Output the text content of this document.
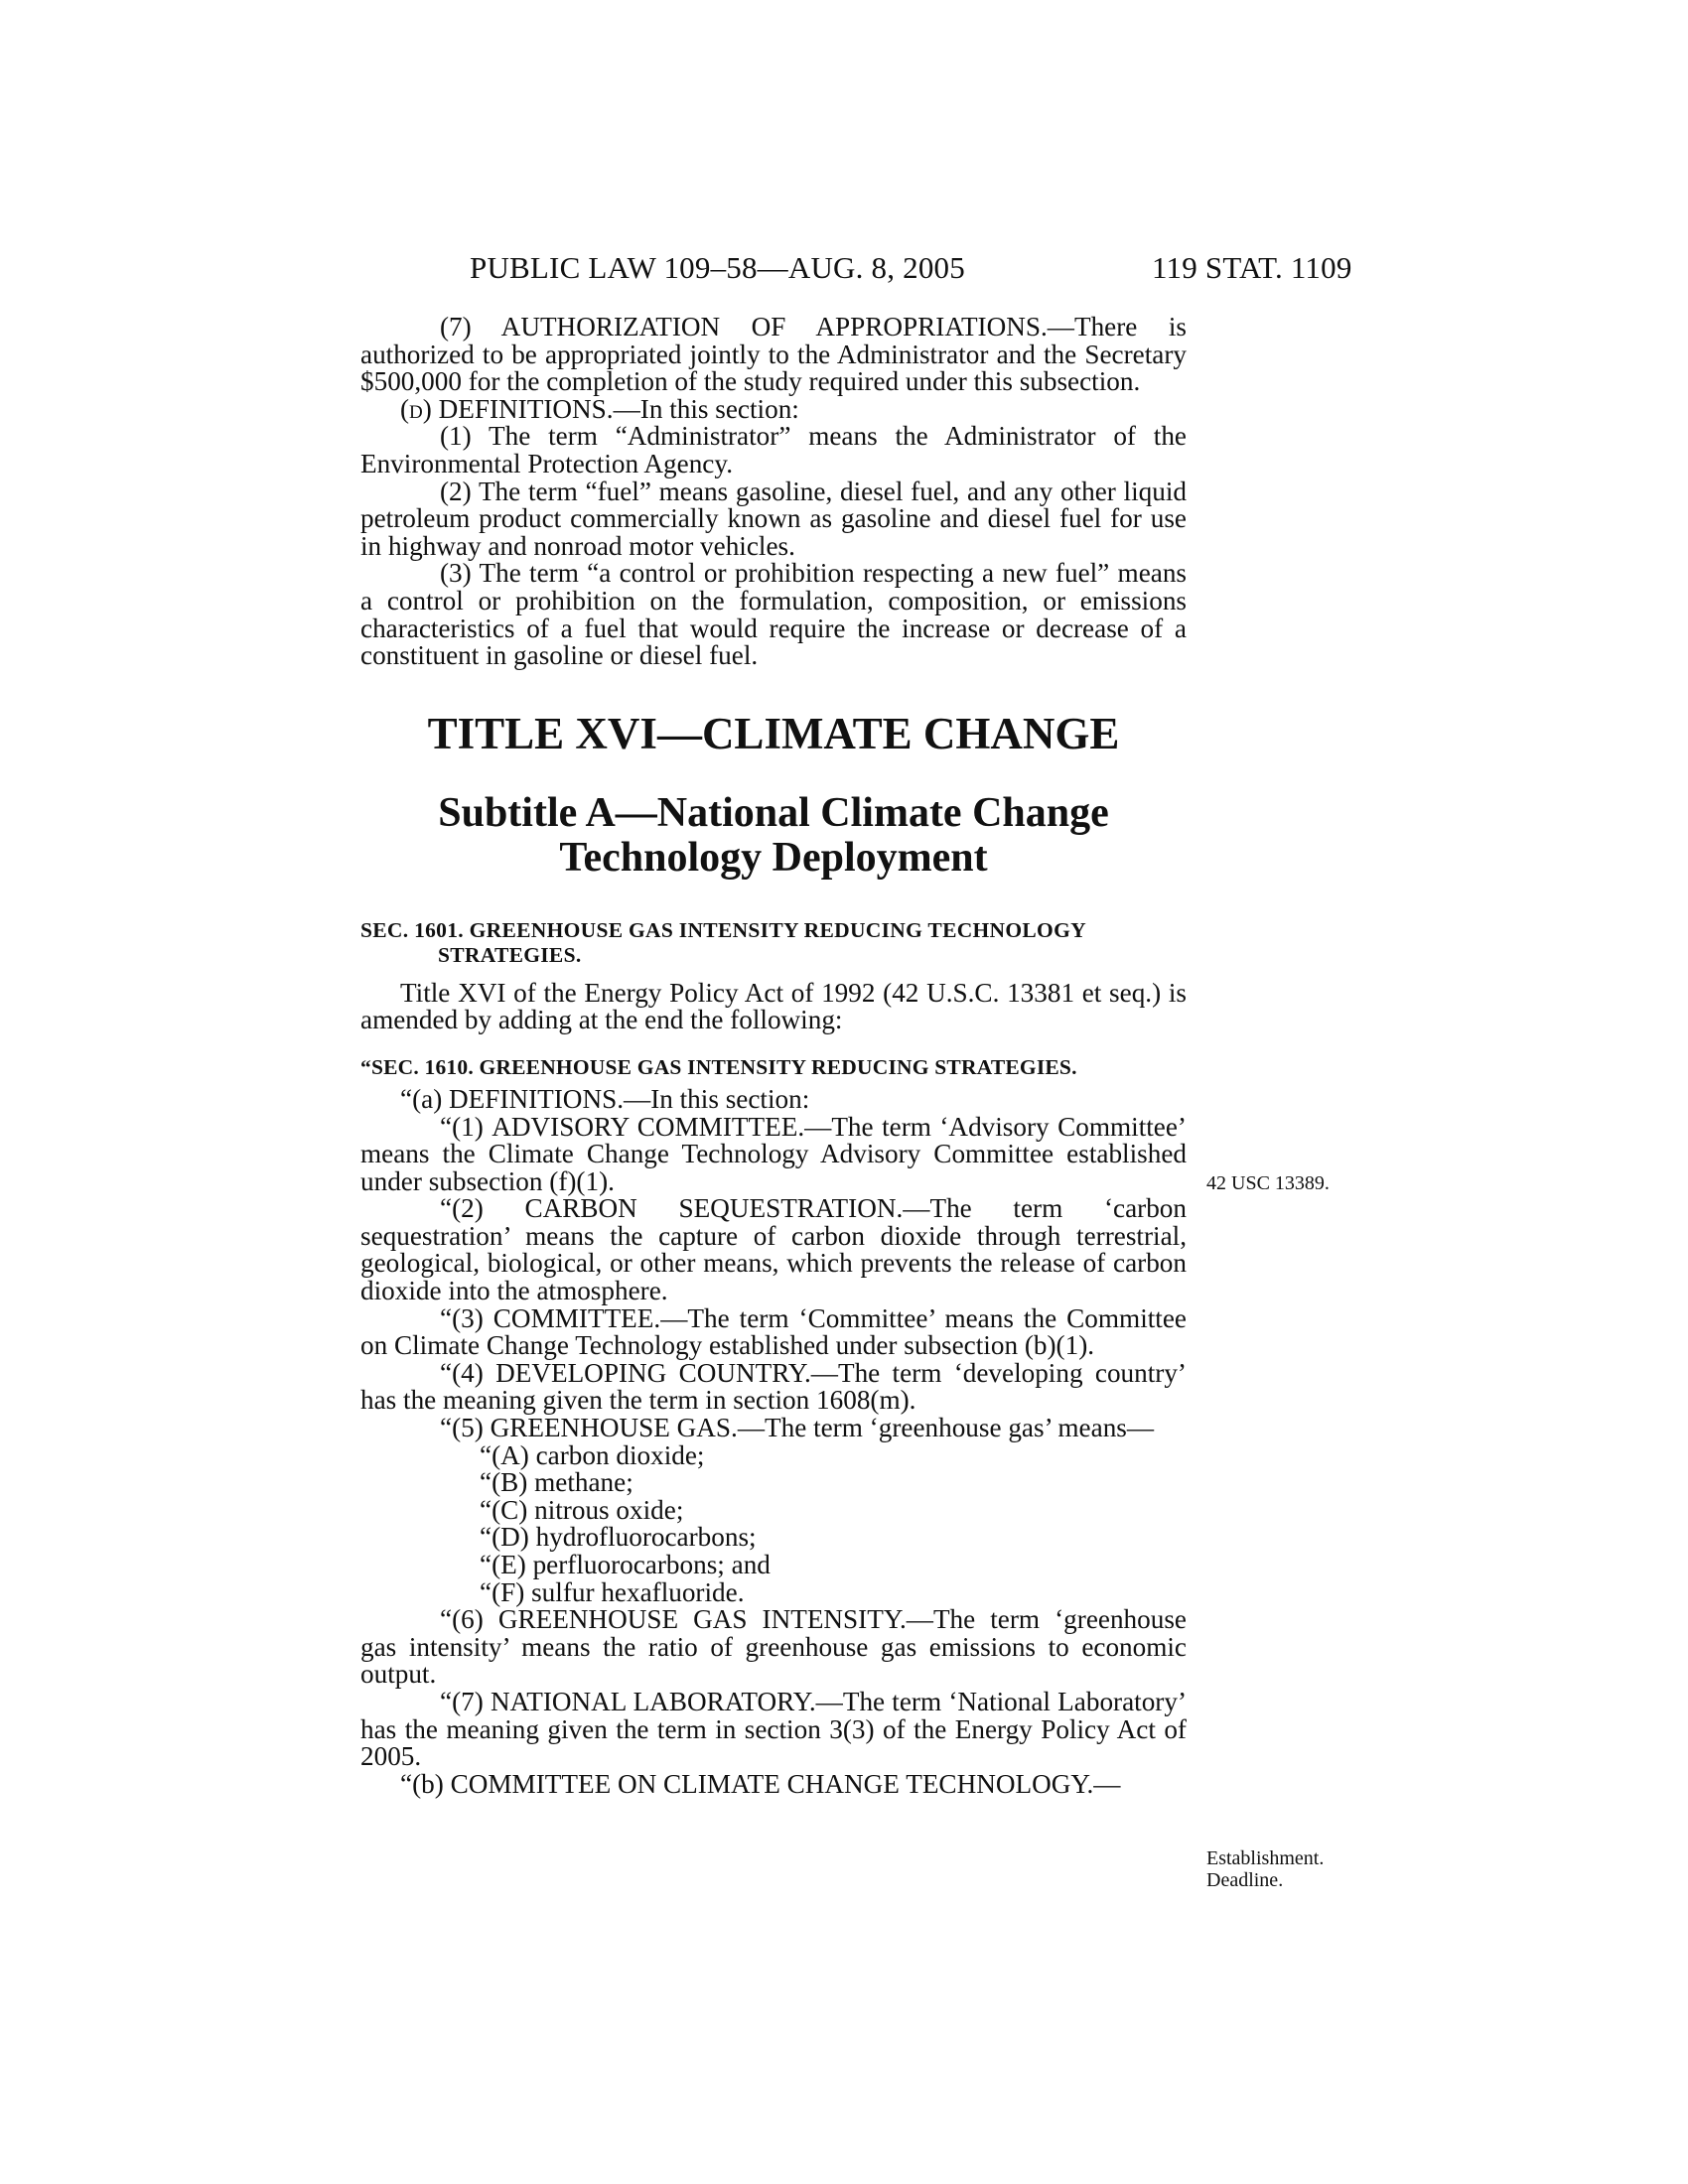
PUBLIC LAW 109–58—AUG. 8, 2005	119 STAT. 1109

(7) AUTHORIZATION OF APPROPRIATIONS.—There is authorized to be appropriated jointly to the Administrator and the Secretary $500,000 for the completion of the study required under this subsection.

(d) DEFINITIONS.—In this section:

(1) The term “Administrator” means the Administrator of the Environmental Protection Agency.

(2) The term “fuel” means gasoline, diesel fuel, and any other liquid petroleum product commercially known as gasoline and diesel fuel for use in highway and nonroad motor vehicles.

(3) The term “a control or prohibition respecting a new fuel” means a control or prohibition on the formulation, composition, or emissions characteristics of a fuel that would require the increase or decrease of a constituent in gasoline or diesel fuel.

TITLE XVI—CLIMATE CHANGE
Subtitle A—National Climate Change
Technology Deployment
SEC. 1601. GREENHOUSE GAS INTENSITY REDUCING TECHNOLOGY STRATEGIES.

Title XVI of the Energy Policy Act of 1992 (42 U.S.C. 13381 et seq.) is amended by adding at the end the following:

“SEC. 1610. GREENHOUSE GAS INTENSITY REDUCING STRATEGIES.

“(a) DEFINITIONS.—In this section:

“(1) ADVISORY COMMITTEE.—The term ‘Advisory Committee’ means the Climate Change Technology Advisory Committee established under subsection (f)(1).

“(2) CARBON SEQUESTRATION.—The term ‘carbon sequestration’ means the capture of carbon dioxide through terrestrial, geological, biological, or other means, which prevents the release of carbon dioxide into the atmosphere.

“(3) COMMITTEE.—The term ‘Committee’ means the Committee on Climate Change Technology established under subsection (b)(1).

“(4) DEVELOPING COUNTRY.—The term ‘developing country’ has the meaning given the term in section 1608(m).

“(5) GREENHOUSE GAS.—The term ‘greenhouse gas’ means—

“(A) carbon dioxide;
“(B) methane;
“(C) nitrous oxide;
“(D) hydrofluorocarbons;
“(E) perfluorocarbons; and
“(F) sulfur hexafluoride.

“(6) GREENHOUSE GAS INTENSITY.—The term ‘greenhouse gas intensity’ means the ratio of greenhouse gas emissions to economic output.

“(7) NATIONAL LABORATORY.—The term ‘National Laboratory’ has the meaning given the term in section 3(3) of the Energy Policy Act of 2005.

“(b) COMMITTEE ON CLIMATE CHANGE TECHNOLOGY.—

42 USC 13389.
Establishment.
Deadline.
